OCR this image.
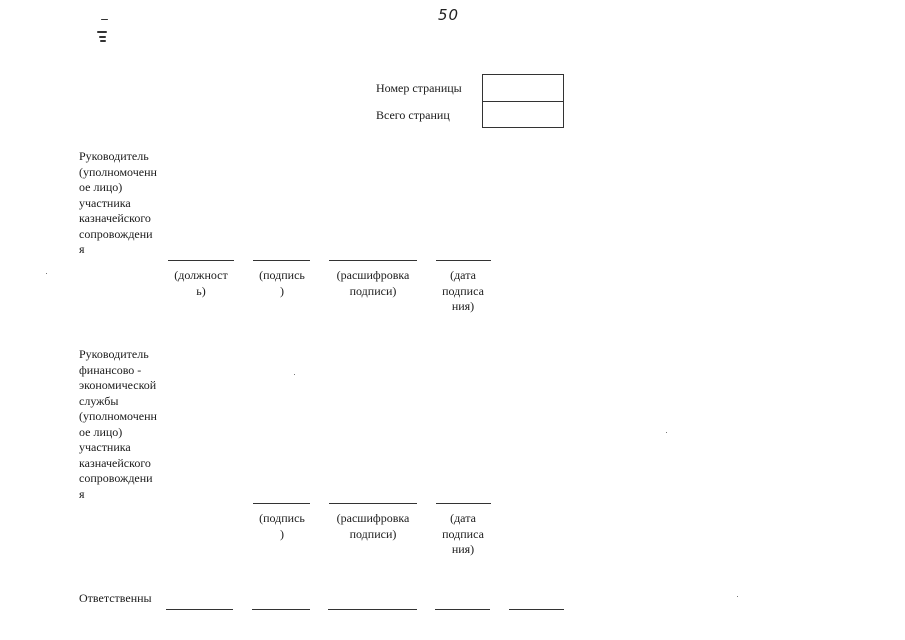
50
Номер страницы
Всего страниц
Руководитель
(уполномоченн
ое лицо)
участника
казначейского
сопровождени
я
(должност
ь)
(подпись
)
(расшифровка
подписи)
(дата
подписа
ния)
Руководитель
финансово -
экономической
службы
(уполномоченн
ое лицо)
участника
казначейского
сопровождени
я
(подпись
)
(расшифровка
подписи)
(дата
подписа
ния)
Ответственны
